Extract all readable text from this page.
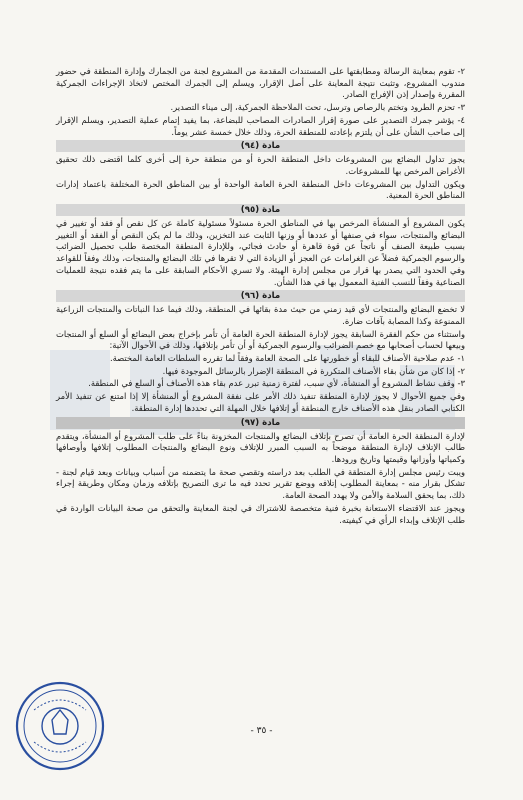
٢- تقوم بمعاينة الرسالة ومطابقتها على المستندات المقدمة من المشروع لجنة من الجمارك وإدارة المنطقة في حضور مندوب المشروع، وتثبت نتيجة المعاينة على أصل الإقرار، ويسلم إلى الجمرك المختص لاتخاذ الإجراءات الجمركية المقررة وإصدار إذن الإفراج الصادر.
٣- تحزم الطرود وتختم بالرصاص وترسل، تحت الملاحظة الجمركية، إلى ميناء التصدير.
٤- يؤشر جمرك التصدير على صورة إقرار الصادرات المصاحب للبضاعة، بما يفيد إتمام عملية التصدير، ويسلم الإقرار إلى صاحب الشأن على أن يلتزم بإعادته للمنطقة الحرة، وذلك خلال خمسة عشر يوماً.
مادة (٩٤)
يجوز تداول البضائع بين المشروعات داخل المنطقة الحرة أو من منطقة حرة إلى أخرى كلما اقتضى ذلك تحقيق الأغراض المرخص بها للمشروعات.
ويكون التداول بين المشروعات داخل المنطقة الحرة العامة الواحدة أو بين المناطق الحرة المختلفة باعتماد إدارات المناطق الحرة المعنية.
مادة (٩٥)
يكون المشروع أو المنشأة المرخص بها في المناطق الحرة مسئولاً مسئولية كاملة عن كل نقص أو فقد أو تغيير في البضائع والمنتجات، سواء في صنفها أو عددها أو وزنها الثابت عند التخزين، وذلك ما لم يكن النقص أو الفقد أو التغيير بسبب طبيعة الصنف أو ناتجاً عن قوة قاهرة أو حادث فجائي، وللإدارة المنطقة المختصة طلب تحصيل الضرائب والرسوم الجمركية فضلاً عن الغرامات عن العجز أو الزيادة التي لا تقرها في تلك البضائع والمنتجات، وذلك وفقاً للقواعد وفي الحدود التي يصدر بها قرار من مجلس إدارة الهيئة. ولا تسري الأحكام السابقة على ما يتم فقده نتيجة للعمليات الصناعية وفقاً للنسب الفنية المعمول بها في هذا الشأن.
مادة (٩٦)
لا تخضع البضائع والمنتجات لأي قيد زمني من حيث مدة بقائها في المنطقة، وذلك فيما عدا النباتات والمنتجات الزراعية الممنوعة وكذا المصابة بآفات ضارة.
واستثناء من حكم الفقرة السابقة يجوز لإدارة المنطقة الحرة العامة أن تأمر بإخراج بعض البضائع أو السلع أو المنتجات وبيعها لحساب أصحابها مع خصم الضرائب والرسوم الجمركية أو أن تأمر بإتلافها، وذلك في الأحوال الآتية:
١- عدم صلاحية الأصناف للبقاء أو خطورتها على الصحة العامة وفقاً لما تقرره السلطات العامة المختصة.
٢- إذا كان من شأن بقاء الأصناف المتكررة في المنطقة الإضرار بالرسائل الموجودة فيها.
٣- وقف نشاط المشروع أو المنشأة، لأي سبب، لفترة زمنية تبرر عدم بقاء هذه الأصناف أو السلع في المنطقة.
وفي جميع الأحوال لا يجوز لإدارة المنطقة تنفيذ ذلك الأمر على نفقة المشروع أو المنشأة إلا إذا امتنع عن تنفيذ الأمر الكتابي الصادر بنقل هذه الأصناف خارج المنطقة أو إتلافها خلال المهلة التي تحددها إدارة المنطقة.
مادة (٩٧)
لإدارة المنطقة الحرة العامة أن تصرح بإتلاف البضائع والمنتجات المخزونة بناءً على طلب المشروع أو المنشأة، ويتقدم طالب الإتلاف لإدارة المنطقة موضحاً به السبب المبرر للإتلاف ونوع البضائع والمنتجات المطلوب إتلافها وأوصافها وكمياتها وأوزانها وقيمتها وتاريخ ورودها.
ويبت رئيس مجلس إدارة المنطقة في الطلب بعد دراسته وتقصي صحة ما يتضمنه من أسباب وبيانات وبعد قيام لجنة - تشكل بقرار منه - بمعاينة المطلوب إتلافه ووضع تقرير تحدد فيه ما ترى التصريح بإتلافه وزمان ومكان وطريقة إجراء ذلك، بما يحقق السلامة والأمن ولا يهدد الصحة العامة.
ويجوز عند الاقتضاء الاستعانة بخبرة فنية متخصصة للاشتراك في لجنة المعاينة والتحقق من صحة البيانات الواردة في طلب الإتلاف وإبداء الرأي في كيفيته.
- ٣٥ -
